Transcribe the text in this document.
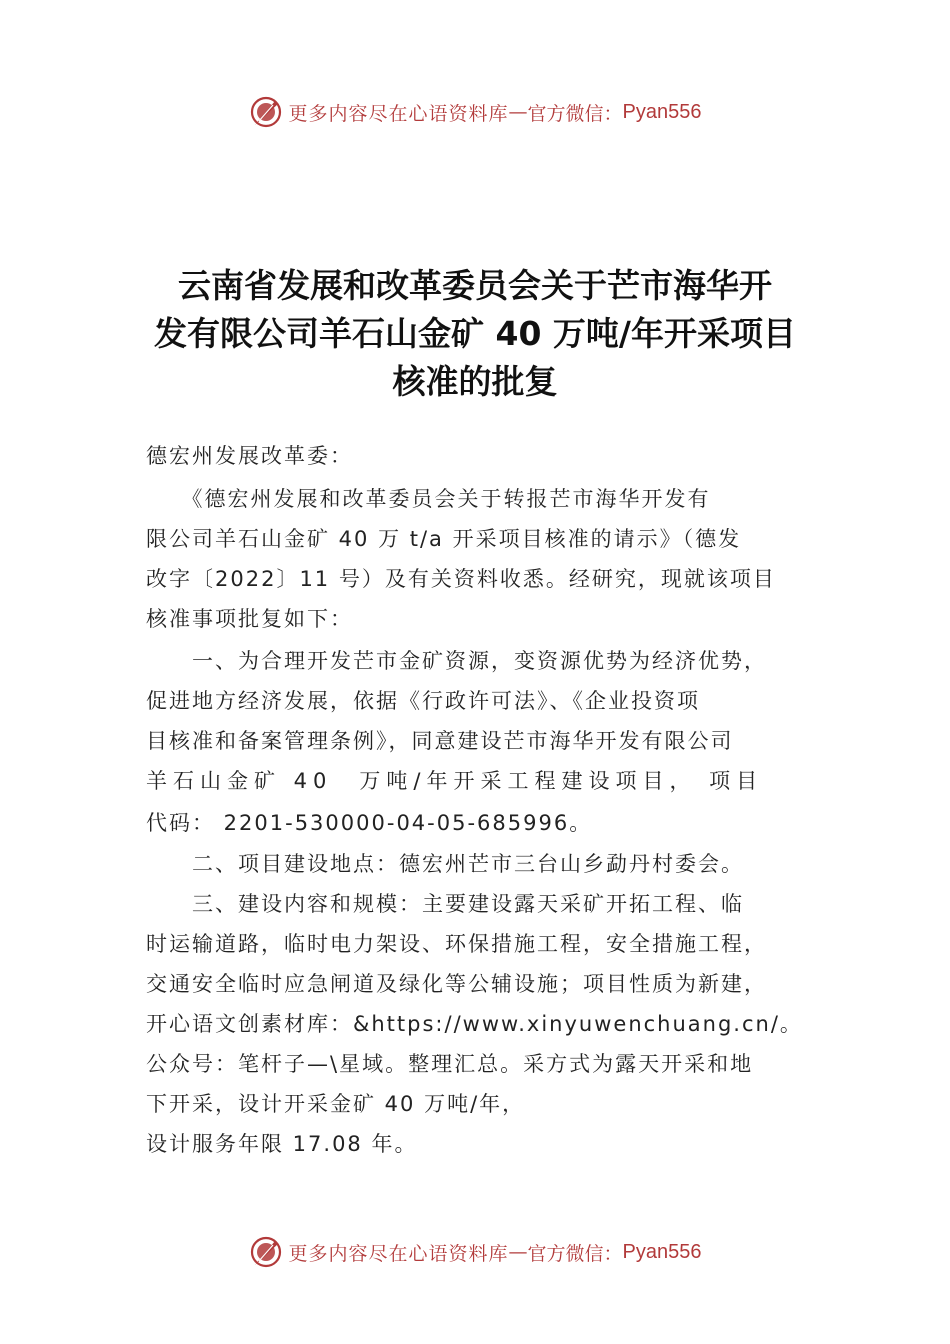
更多内容尽在心语资料库 — 官方微信： Pyan556
云南省发展和改革委员会关于芒市海华开
发有限公司羊石山金矿 40 万吨/年开采项目
核准的批复
德宏州发展改革委：
　　《德宏州发展和改革委员会关于转报芒市海华开发有
限公司羊石山金矿 40 万 t/a 开采项目核准的请示》（德发
改字〔2022〕11 号）及有关资料收悉。经研究，现就该项目
核准事项批复如下：
　　一、为合理开发芒市金矿资源，变资源优势为经济优势，
促进地方经济发展，依据《行政许可法》、《企业投资项
目核准和备案管理条例》，同意建设芒市海华开发有限公司
羊石山金矿 40　万吨/年开采工程建设项目， 项目
代码： 2201-530000-04-05-685996。
　　二、项目建设地点：德宏州芒市三台山乡勐丹村委会。
　　三、建设内容和规模：主要建设露天采矿开拓工程、临
时运输道路，临时电力架设、环保措施工程，安全措施工程，
交通安全临时应急闸道及绿化等公辅设施；项目性质为新建，
开心语文创素材库：&https://www.xinyuwenchuang.cn/。
公众号：笔杆子—\星域。整理汇总。采方式为露天开采和地
下开采，设计开采金矿 40 万吨/年，
设计服务年限 17.08 年。
更多内容尽在心语资料库 — 官方微信： Pyan556
